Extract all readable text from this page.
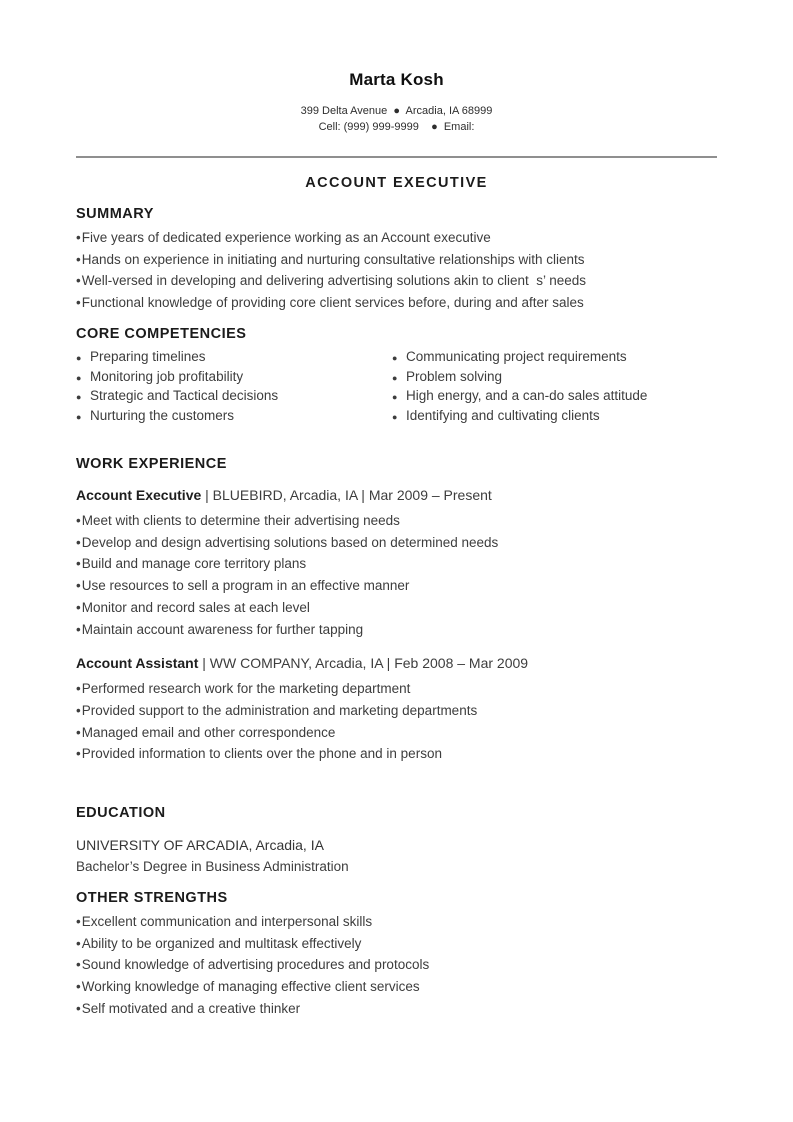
Marta Kosh

399 Delta Avenue  ●  Arcadia, IA 68999

Cell: (999) 999-9999    ●  Email:

ACCOUNT EXECUTIVE
SUMMARY
• Five years of dedicated experience working as an Account executive
• Hands on experience in initiating and nurturing consultative relationships with clients
• Well-versed in developing and delivering advertising solutions akin to client  s’ needs
• Functional knowledge of providing core client services before, during and after sales
CORE COMPETENCIES
● Preparing timelines
● Monitoring job profitability
● Strategic and Tactical decisions
● Nurturing the customers
● Communicating project requirements
● Problem solving
● High energy, and a can-do sales attitude
● Identifying and cultivating clients
WORK EXPERIENCE

Account Executive | BLUEBIRD, Arcadia, IA | Mar 2009 – Present

• Meet with clients to determine their advertising needs
• Develop and design advertising solutions based on determined needs
• Build and manage core territory plans
• Use resources to sell a program in an effective manner
• Monitor and record sales at each level
• Maintain account awareness for further tapping

Account Assistant | WW COMPANY, Arcadia, IA | Feb 2008 – Mar 2009

• Performed research work for the marketing department
• Provided support to the administration and marketing departments
• Managed email and other correspondence
• Provided information to clients over the phone and in person
EDUCATION

UNIVERSITY OF ARCADIA, Arcadia, IA

Bachelor’s Degree in Business Administration

OTHER STRENGTHS
• Excellent communication and interpersonal skills
• Ability to be organized and multitask effectively
• Sound knowledge of advertising procedures and protocols
• Working knowledge of managing effective client services
• Self motivated and a creative thinker
